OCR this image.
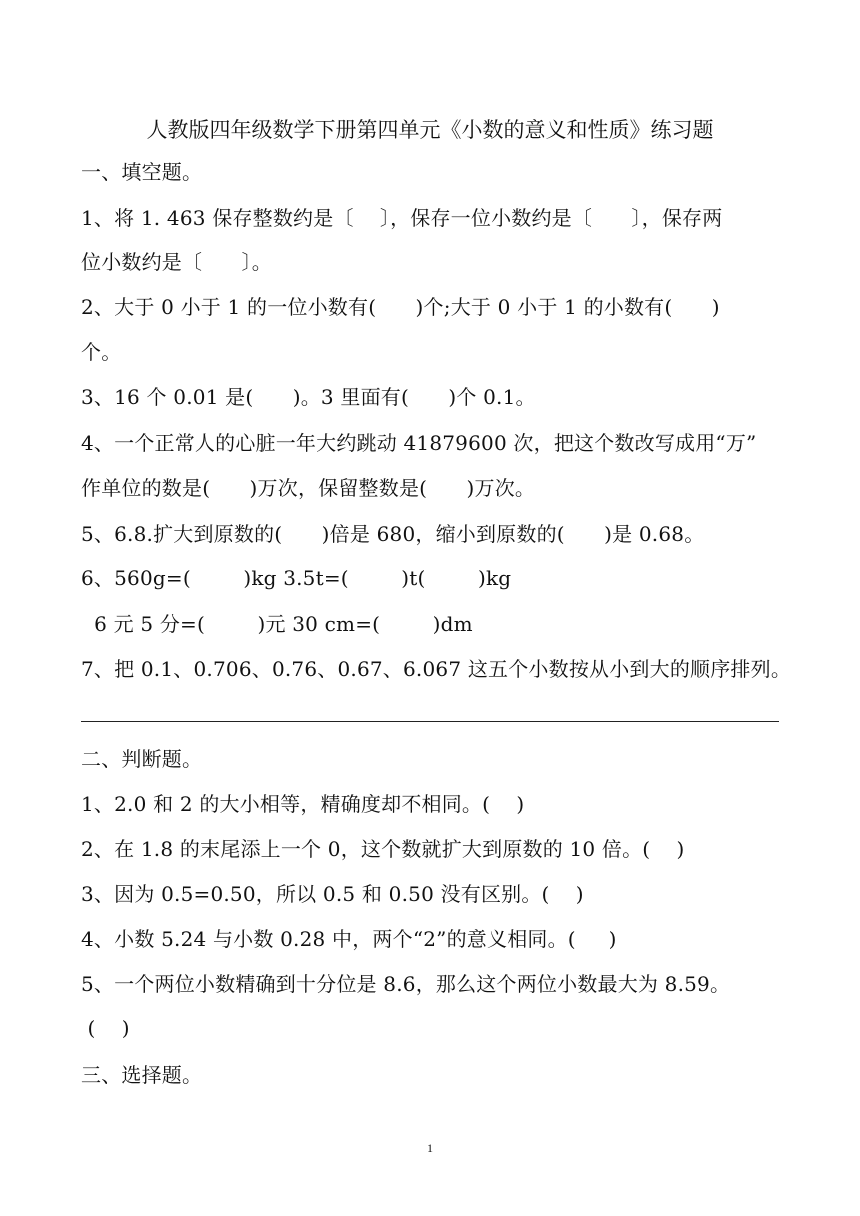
人教版四年级数学下册第四单元《小数的意义和性质》练习题
一、填空题。
1、将 1. 463 保存整数约是〔    〕，保存一位小数约是〔      〕，保存两
位小数约是〔      〕。
2、大于 0 小于 1 的一位小数有(      )个;大于 0 小于 1 的小数有(      )
个。
3、16 个 0.01 是(      )。3 里面有(      )个 0.1。
4、一个正常人的心脏一年大约跳动 41879600 次，把这个数改写成用“万”
作单位的数是(      )万次，保留整数是(      )万次。
5、6.8.扩大到原数的(      )倍是 680，缩小到原数的(      )是 0.68。
6、560g=(        )kg 3.5t=(        )t(        )kg
6 元 5 分=(        )元 30 cm=(        )dm
7、把 0.1、0.706、0.76、0.67、6.067 这五个小数按从小到大的顺序排列。
二、判断题。
1、2.0 和 2 的大小相等，精确度却不相同。(    )
2、在 1.8 的末尾添上一个 0，这个数就扩大到原数的 10 倍。(    )
3、因为 0.5=0.50，所以 0.5 和 0.50 没有区别。(    )
4、小数 5.24 与小数 0.28 中，两个“2”的意义相同。(     )
5、一个两位小数精确到十分位是 8.6，那么这个两位小数最大为 8.59。
(    )
三、选择题。
1
